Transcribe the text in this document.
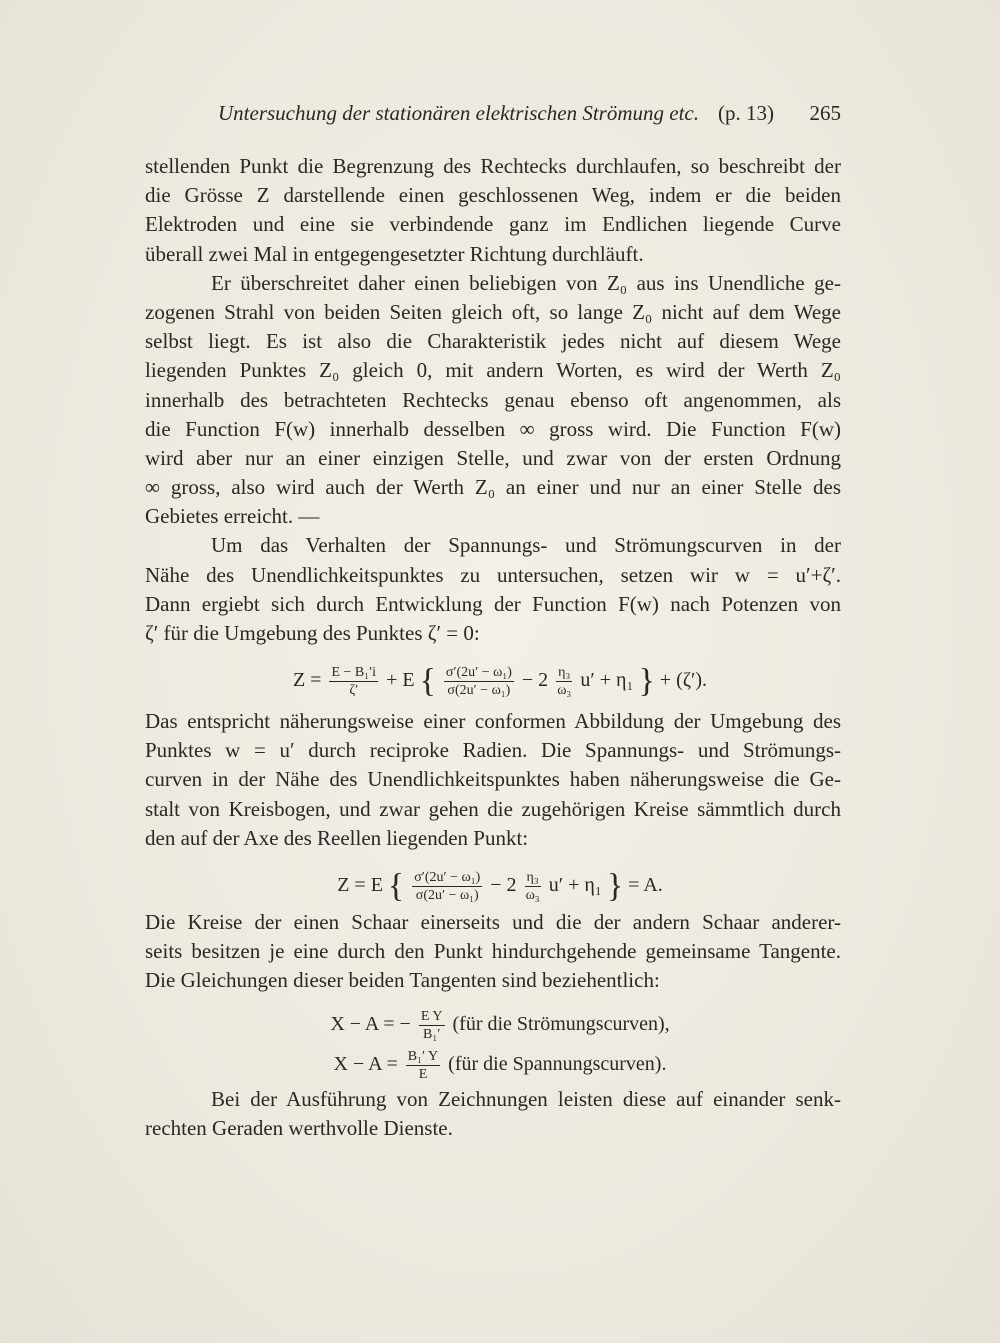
Untersuchung der stationären elektrischen Strömung etc. (p. 13) 265
stellenden Punkt die Begrenzung des Rechtecks durchlaufen, so beschreibt der
die Grösse Z darstellende einen geschlossenen Weg, indem er die beiden
Elektroden und eine sie verbindende ganz im Endlichen liegende Curve
überall zwei Mal in entgegengesetzter Richtung durchläuft.
Er überschreitet daher einen beliebigen von Z₀ aus ins Unendliche ge-
zogenen Strahl von beiden Seiten gleich oft, so lange Z₀ nicht auf dem Wege
selbst liegt. Es ist also die Charakteristik jedes nicht auf diesem Wege
liegenden Punktes Z₀ gleich 0, mit andern Worten, es wird der Werth Z₀
innerhalb des betrachteten Rechtecks genau ebenso oft angenommen, als
die Function F(w) innerhalb desselben ∞ gross wird. Die Function F(w)
wird aber nur an einer einzigen Stelle, und zwar von der ersten Ordnung
∞ gross, also wird auch der Werth Z₀ an einer und nur an einer Stelle des
Gebietes erreicht. —
Um das Verhalten der Spannungs- und Strömungscurven in der
Nähe des Unendlichkeitspunktes zu untersuchen, setzen wir w = u′+ζ′.
Dann ergiebt sich durch Entwicklung der Function F(w) nach Potenzen von
ζ′ für die Umgebung des Punktes ζ′ = 0:
$Z = \frac{\text{E − B₁′i}}{\zeta'} + E$ { $\frac{\text{σ′(2u′ − ω₁)}}{\text{σ(2u′ − ω₁)}} - 2 \frac{\text{η₃}}{\text{ω₃}} u' + \eta_1$ } + (ζ′).
Das entspricht näherungsweise einer conformen Abbildung der Umgebung des
Punktes w = u′ durch reciproke Radien. Die Spannungs- und Strömungs-
curven in der Nähe des Unendlichkeitspunktes haben näherungsweise die Ge-
stalt von Kreisbogen, und zwar gehen die zugehörigen Kreise sämmtlich durch
den auf der Axe des Reellen liegenden Punkt:
Z = E { $\frac{\text{σ′(2u′ − ω₁)}}{\text{σ(2u′ − ω₁)}} - 2 \frac{\text{η₃}}{\text{ω₃}} u' + \eta_1$ } = A.
Die Kreise der einen Schaar einerseits und die der andern Schaar anderer-
seits besitzen je eine durch den Punkt hindurchgehende gemeinsame Tangente.
Die Gleichungen dieser beiden Tangenten sind beziehentlich:
X − A = − $\frac{\text{E Y}}{\text{B₁′}}$ (für die Strömungscurven),
$X - A = \frac{\text{B₁′ Y}}{E}$ (für die Spannungscurven).
Bei der Ausführung von Zeichnungen leisten diese auf einander senk-
rechten Geraden werthvolle Dienste.
